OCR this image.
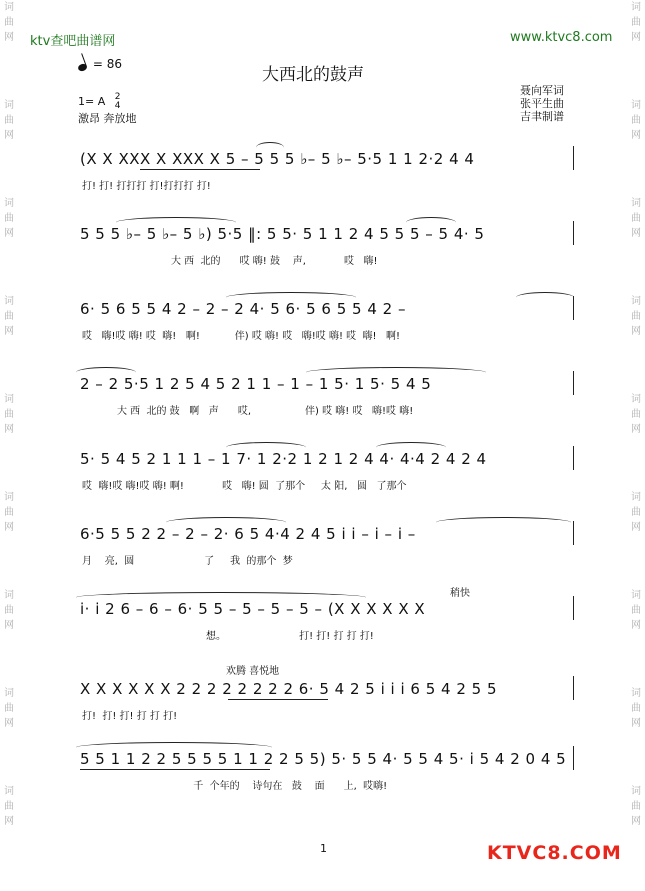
词
曲
网
词
曲
网
词
曲
网
词
曲
网
词
曲
网
词
曲
网
词
曲
网
词
曲
网
词
曲
网
词
曲
网
词
曲
网
词
曲
网
词
曲
网
词
曲
网
词
曲
网
词
曲
网
词
曲
网
词
曲
网
ktv查吧曲谱网	www.ktvc8.com
= 86
大西北的鼓声
1= A 2
4
激昂 奔放地
聂向军词
张平生曲
吉聿制谱
(X X XXX X XXX X 5 – 5 5 5 ♭– 5 ♭– 5·5 1 1 2·2 4 4
打! 打! 打打打 打!打打打 打!
5 5 5 ♭– 5 ♭– 5 ♭) 5·5 ‖: 5 5· 5 1 1 2 4 5 5 5 – 5 4· 5
大 西  北的      哎 嗨! 鼓    声,            哎   嗨!
6· 5 6 5 5 4 2 – 2 – 2 4· 5 6· 5 6 5 5 4 2 –
哎   嗨!哎 嗨! 哎  嗨!   啊!           伴) 哎 嗨! 哎   嗨!哎 嗨! 哎  嗨!   啊!
2 – 2 5·5 1 2 5 4 5 2 1 1 – 1 – 1 5· 1 5· 5 4 5
大 西  北的 鼓   啊   声      哎,                 伴) 哎 嗨! 哎   嗨!哎 嗨!
5· 5 4 5 2 1 1 1 – 1 7· 1 2·2 1 2 1 2 4 4· 4·4 2 4 2 4
哎  嗨!哎 嗨!哎 嗨! 啊!            哎   嗨! 圆  了那个     太 阳,   圆   了那个
6·5 5 5 2 2 – 2 – 2· 6 5 4·4 2 4 5 i i – i – i –
月    亮,  圆                      了     我  的那个  梦
稍快
i· i 2 6 – 6 – 6· 5 5 – 5 – 5 – 5 – (X X X X X X
想。                       打! 打! 打 打 打!
欢腾 喜悦地
X X X X X X 2 2 2 2 2 2 2 2 6· 5 4 2 5 i i i 6 5 4 2 5 5
打!  打! 打! 打 打 打!
5 5 1 1 2 2 5 5 5 5 1 1 2 2 5 5) 5· 5 5 4· 5 5 4 5· i 5 4 2 0 4 5
千  个年的    诗句在   鼓    面      上,  哎嗨!
1	KTVC8.COM
